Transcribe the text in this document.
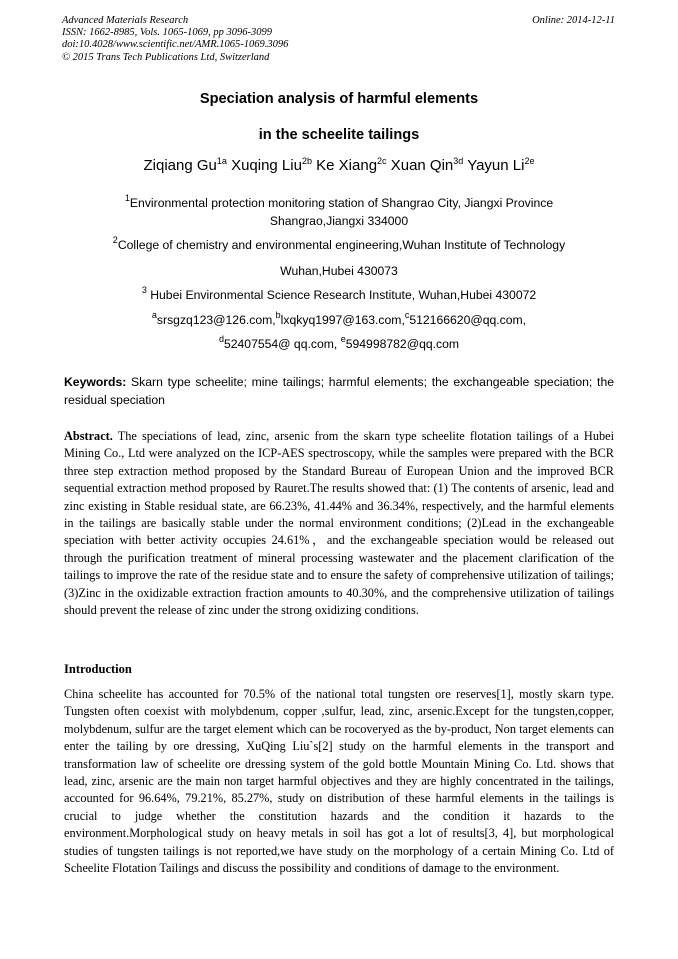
Advanced Materials Research
ISSN: 1662-8985, Vols. 1065-1069, pp 3096-3099
doi:10.4028/www.scientific.net/AMR.1065-1069.3096
© 2015 Trans Tech Publications Ltd, Switzerland
Online: 2014-12-11
Speciation analysis of harmful elements
in the scheelite tailings
Ziqiang $Gu^{1a}$ Xuqing Liu$^{2b}$ Ke Xiang$^{2c}$ Xuan Qin$^{3d}$ Yayun $Li^{2e}$
$^1$Environmental protection monitoring station of Shangrao City, Jiangxi Province
Shangrao,Jiangxi 334000
$^2$College of chemistry and environmental engineering,Wuhan Institute of Technology
Wuhan,Hubei 430073
$^3$ Hubei Environmental Science Research Institute, Wuhan,Hubei 430072
$^a$srsgzq123@126.com,$^b$lxqkyq1997@163.com,$^c$512166620@qq.com,
$^d$52407554@ qq.com, $^e$594998782@qq.com
Keywords: Skarn type scheelite; mine tailings; harmful elements; the exchangeable speciation; the residual speciation
Abstract. The speciations of lead, zinc, arsenic from the skarn type scheelite flotation tailings of a Hubei Mining Co., Ltd were analyzed on the ICP-AES spectroscopy, while the samples were prepared with the BCR three step extraction method proposed by the Standard Bureau of European Union and the improved BCR sequential extraction method proposed by Rauret.The results showed that: (1) The contents of arsenic, lead and zinc existing in Stable residual state, are 66.23%, 41.44% and 36.34%, respectively, and the harmful elements in the tailings are basically stable under the normal environment conditions; (2)Lead in the exchangeable speciation with better activity occupies 24.61%，and the exchangeable speciation would be released out through the purification treatment of mineral processing wastewater and the placement clarification of the tailings to improve the rate of the residue state and to ensure the safety of comprehensive utilization of tailings; (3)Zinc in the oxidizable extraction fraction amounts to 40.30%, and the comprehensive utilization of tailings should prevent the release of zinc under the strong oxidizing conditions.
Introduction
China scheelite has accounted for 70.5% of the national total tungsten ore reserves[1], mostly skarn type. Tungsten often coexist with molybdenum, copper ,sulfur, lead, zinc, arsenic.Except for the tungsten,copper, molybdenum, sulfur are the target element which can be rocoveryed as the by-product, Non target elements can enter the tailing by ore dressing, XuQing Liu`s[2] study on the harmful elements in the transport and transformation law of scheelite ore dressing system of the gold bottle Mountain Mining Co. Ltd. shows that lead, zinc, arsenic are the main non target harmful objectives and they are highly concentrated in the tailings, accounted for 96.64%, 79.21%, 85.27%, study on distribution of these harmful elements in the tailings is crucial to judge whether the constitution hazards and the condition it hazards to the environment.Morphological study on heavy metals in soil has got a lot of results[3, 4], but morphological studies of tungsten tailings is not reported,we have study on the morphology of a certain Mining Co. Ltd of Scheelite Flotation Tailings and discuss the possibility and conditions of damage to the environment.
